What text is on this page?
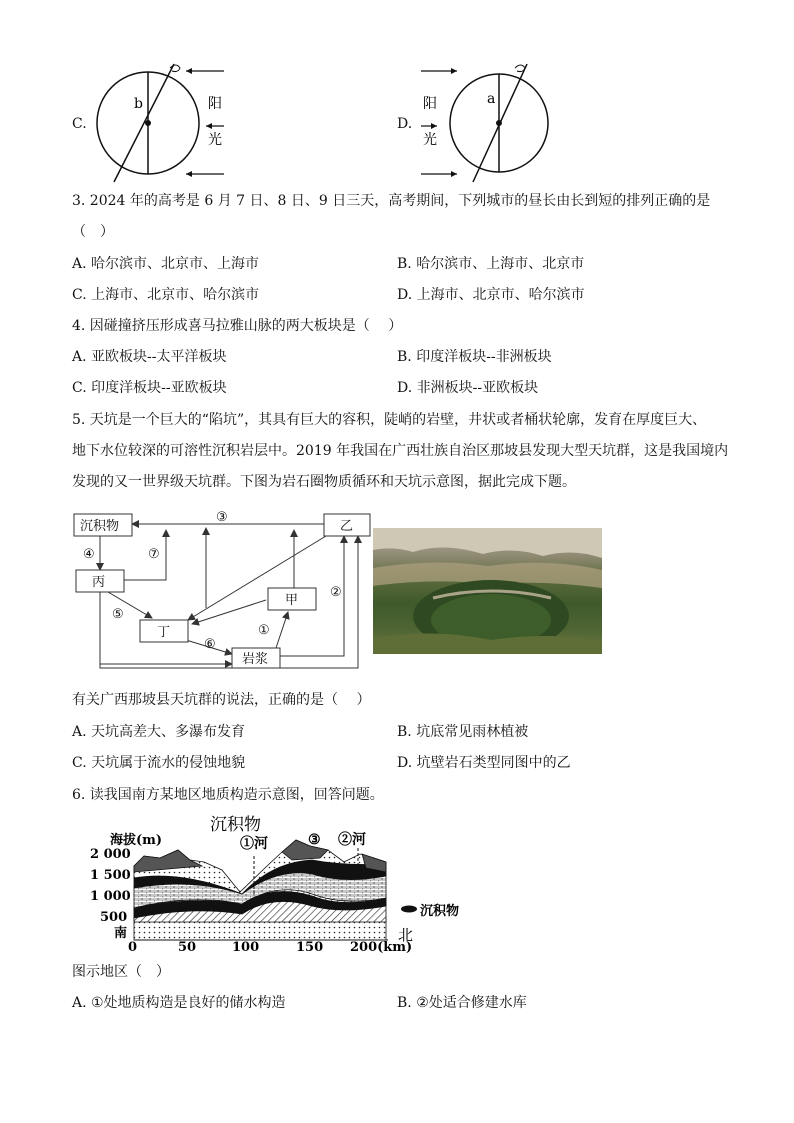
C.
b	阳
光
D.
阳
光
a
3. 2024 年的高考是 6 月 7 日、8 日、9 日三天，高考期间，下列城市的昼长由长到短的排列正确的是
（　）
A. 哈尔滨市、北京市、上海市	B. 哈尔滨市、上海市、北京市
C. 上海市、北京市、哈尔滨市	D. 上海市、北京市、哈尔滨市
4. 因碰撞挤压形成喜马拉雅山脉的两大板块是（　 ）
A. 亚欧板块--太平洋板块	B. 印度洋板块--非洲板块
C. 印度洋板块--亚欧板块	D. 非洲板块--亚欧板块
5. 天坑是一个巨大的“陷坑”，其具有巨大的容积，陡峭的岩壁，井状或者桶状轮廓，发育在厚度巨大、
地下水位较深的可溶性沉积岩层中。2019 年我国在广西壮族自治区那坡县发现大型天坑群，这是我国境内
发现的又一世界级天坑群。下图为岩石圈物质循环和天坑示意图，据此完成下题。
沉积物	乙
丙
甲
丁
岩浆
③
④	⑦
⑤
⑥
①
②
有关广西那坡县天坑群的说法，正确的是（　 ）
A. 天坑高差大、多瀑布发育	B. 坑底常见雨林植被
C. 天坑属于流水的侵蚀地貌	D. 坑壁岩石类型同图中的乙
6. 读我国南方某地区地质构造示意图，回答问题。
海拔(m)
2 000
1 500
1 000
500
南
沉积物
①河	③ ②河
0	50	100	150 200(km)
北
沉积物
图示地区（　）
A. ①处地质构造是良好的储水构造	B. ②处适合修建水库
